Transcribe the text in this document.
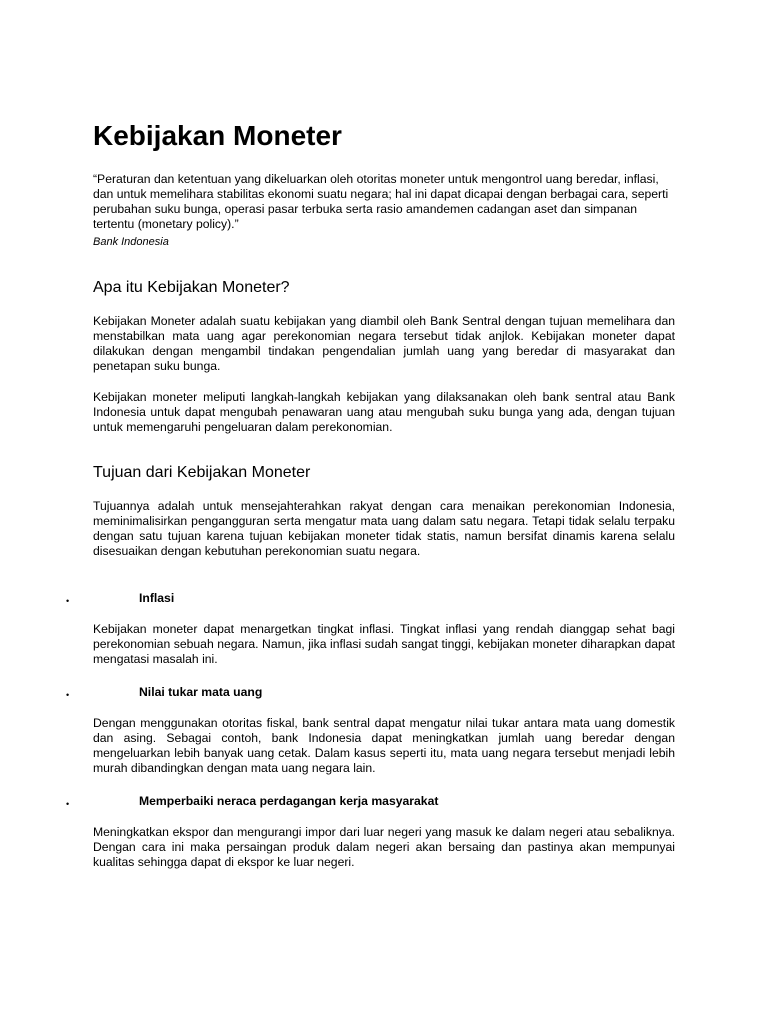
Kebijakan Moneter

“Peraturan dan ketentuan yang dikeluarkan oleh otoritas moneter untuk mengontrol uang beredar, inflasi, dan untuk memelihara stabilitas ekonomi suatu negara; hal ini dapat dicapai dengan berbagai cara, seperti perubahan suku bunga, operasi pasar terbuka serta rasio amandemen cadangan aset dan simpanan tertentu (monetary policy).”

Bank Indonesia

Apa itu Kebijakan Moneter?

Kebijakan Moneter adalah suatu kebijakan yang diambil oleh Bank Sentral dengan tujuan memelihara dan menstabilkan mata uang agar perekonomian negara tersebut tidak anjlok. Kebijakan moneter dapat dilakukan dengan mengambil tindakan pengendalian jumlah uang yang beredar di masyarakat dan penetapan suku bunga.

Kebijakan moneter meliputi langkah-langkah kebijakan yang dilaksanakan oleh bank sentral atau Bank Indonesia untuk dapat mengubah penawaran uang atau mengubah suku bunga yang ada, dengan tujuan untuk memengaruhi pengeluaran dalam perekonomian.

Tujuan dari Kebijakan Moneter

Tujuannya adalah untuk mensejahterahkan rakyat dengan cara menaikan perekonomian Indonesia, meminimalisirkan pengangguran serta mengatur mata uang dalam satu negara. Tetapi tidak selalu terpaku dengan satu tujuan karena tujuan kebijakan moneter tidak statis, namun bersifat dinamis karena selalu disesuaikan dengan kebutuhan perekonomian suatu negara.

•	Inflasi

Kebijakan moneter dapat menargetkan tingkat inflasi. Tingkat inflasi yang rendah dianggap sehat bagi perekonomian sebuah negara. Namun, jika inflasi sudah sangat tinggi, kebijakan moneter diharapkan dapat mengatasi masalah ini.

•	Nilai tukar mata uang

Dengan menggunakan otoritas fiskal, bank sentral dapat mengatur nilai tukar antara mata uang domestik dan asing. Sebagai contoh, bank Indonesia dapat meningkatkan jumlah uang beredar dengan mengeluarkan lebih banyak uang cetak. Dalam kasus seperti itu, mata uang negara tersebut menjadi lebih murah dibandingkan dengan mata uang negara lain.

•	Memperbaiki neraca perdagangan kerja masyarakat

Meningkatkan ekspor dan mengurangi impor dari luar negeri yang masuk ke dalam negeri atau sebaliknya. Dengan cara ini maka persaingan produk dalam negeri akan bersaing dan pastinya akan mempunyai kualitas sehingga dapat di ekspor ke luar negeri.
